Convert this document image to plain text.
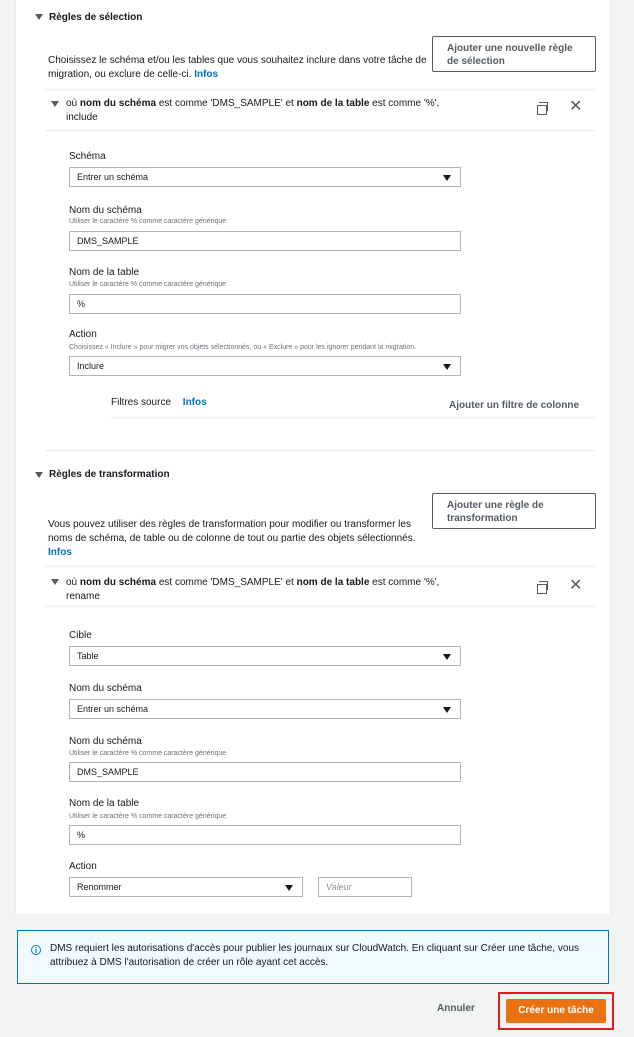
Règles de sélection
Choisissez le schéma et/ou les tables que vous souhaitez inclure dans votre tâche de migration, ou exclure de celle-ci. Infos
Ajouter une nouvelle règle de sélection
où nom du schéma est comme 'DMS_SAMPLE' et nom de la table est comme '%',
include
✕
Schéma
Entrer un schéma
Nom du schéma
Utiliser le caractère % comme caractère générique
DMS_SAMPLE
Nom de la table
Utiliser le caractère % comme caractère générique
%
Action
Choisissez « Inclure » pour migrer vos objets sélectionnés, ou « Exclure » pour les ignorer pendant la migration.
Inclure
Filtres source Infos	Ajouter un filtre de colonne
Règles de transformation
Vous pouvez utiliser des règles de transformation pour modifier ou transformer les noms de schéma, de table ou de colonne de tout ou partie des objets sélectionnés. Infos
Ajouter une règle de transformation
où nom du schéma est comme 'DMS_SAMPLE' et nom de la table est comme '%',
rename
✕
Cible
Table
Nom du schéma
Entrer un schéma
Nom du schéma
Utiliser le caractère % comme caractère générique
DMS_SAMPLE
Nom de la table
Utiliser le caractère % comme caractère générique
%
Action
Renommer	Valeur
i	DMS requiert les autorisations d'accès pour publier les journaux sur CloudWatch. En cliquant sur Créer une tâche, vous attribuez à DMS l'autorisation de créer un rôle ayant cet accès.
Annuler	Créer une tâche
